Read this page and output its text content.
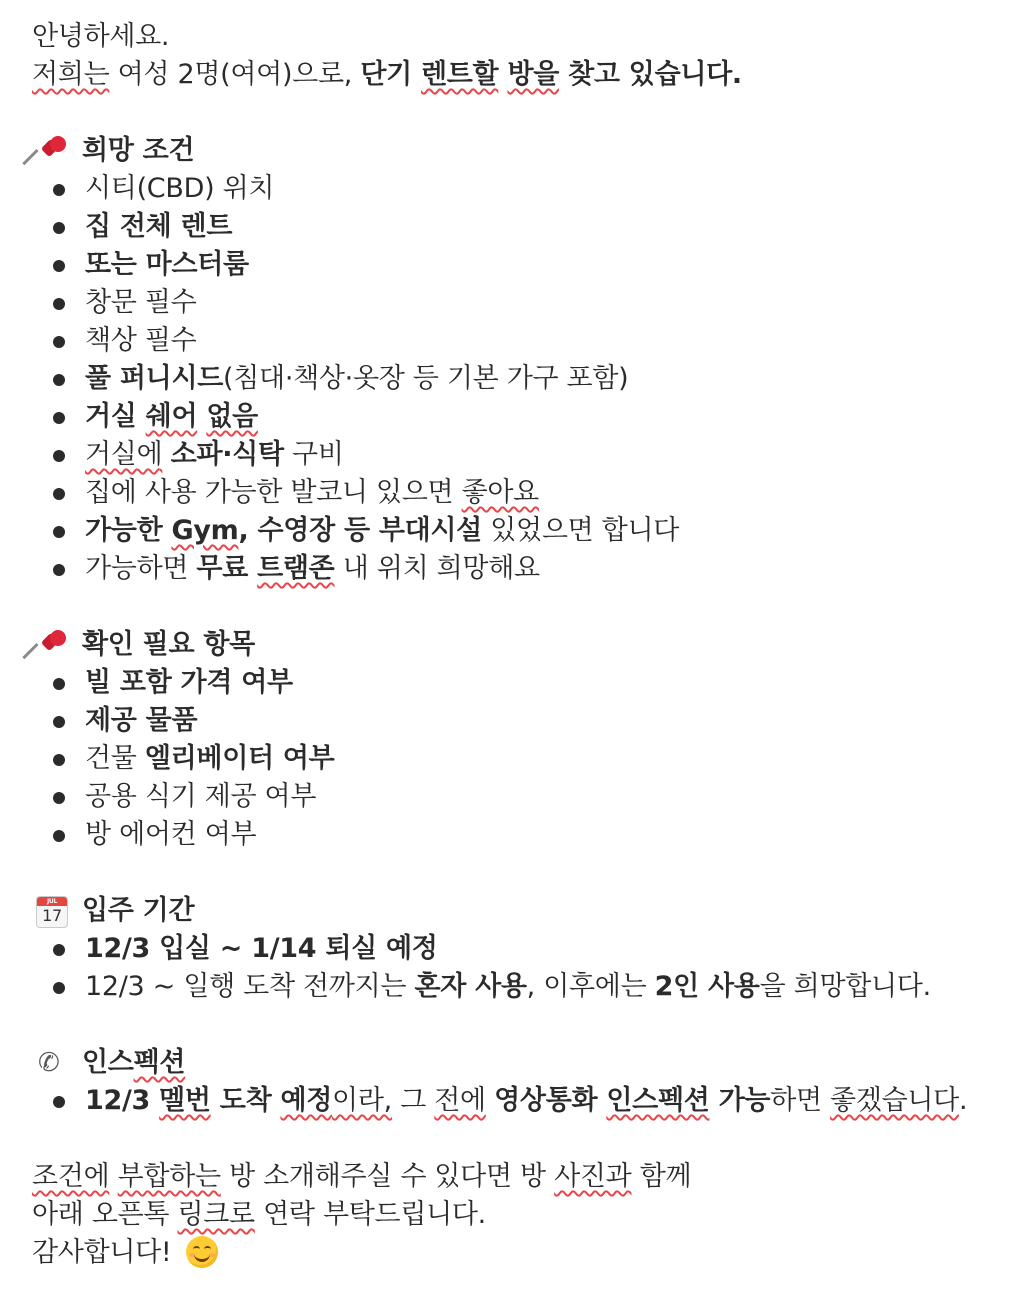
안녕하세요.
저희는 여성 2명(여여)으로, 단기 렌트할 방을 찾고 있습니다.
희망 조건
시티(CBD) 위치
집 전체 렌트
또는 마스터룸
창문 필수
책상 필수
풀 퍼니시드(침대·책상·옷장 등 기본 가구 포함)
거실 쉐어 없음
거실에 소파·식탁 구비
집에 사용 가능한 발코니 있으면 좋아요
가능한 Gym, 수영장 등 부대시설 있었으면 합니다
가능하면 무료 트램존 내 위치 희망해요
확인 필요 항목
빌 포함 가격 여부
제공 물품
건물 엘리베이터 여부
공용 식기 제공 여부
방 에어컨 여부
JUL
17 입주 기간
12/3 입실 ~ 1/14 퇴실 예정
12/3 ~ 일행 도착 전까지는 혼자 사용, 이후에는 2인 사용을 희망합니다.
✆ 인스펙션
12/3 멜번 도착 예정이라, 그 전에 영상통화 인스펙션 가능하면 좋겠습니다.
조건에 부합하는 방 소개해주실 수 있다면 방 사진과 함께
아래 오픈톡 링크로 연락 부탁드립니다.
감사합니다!
